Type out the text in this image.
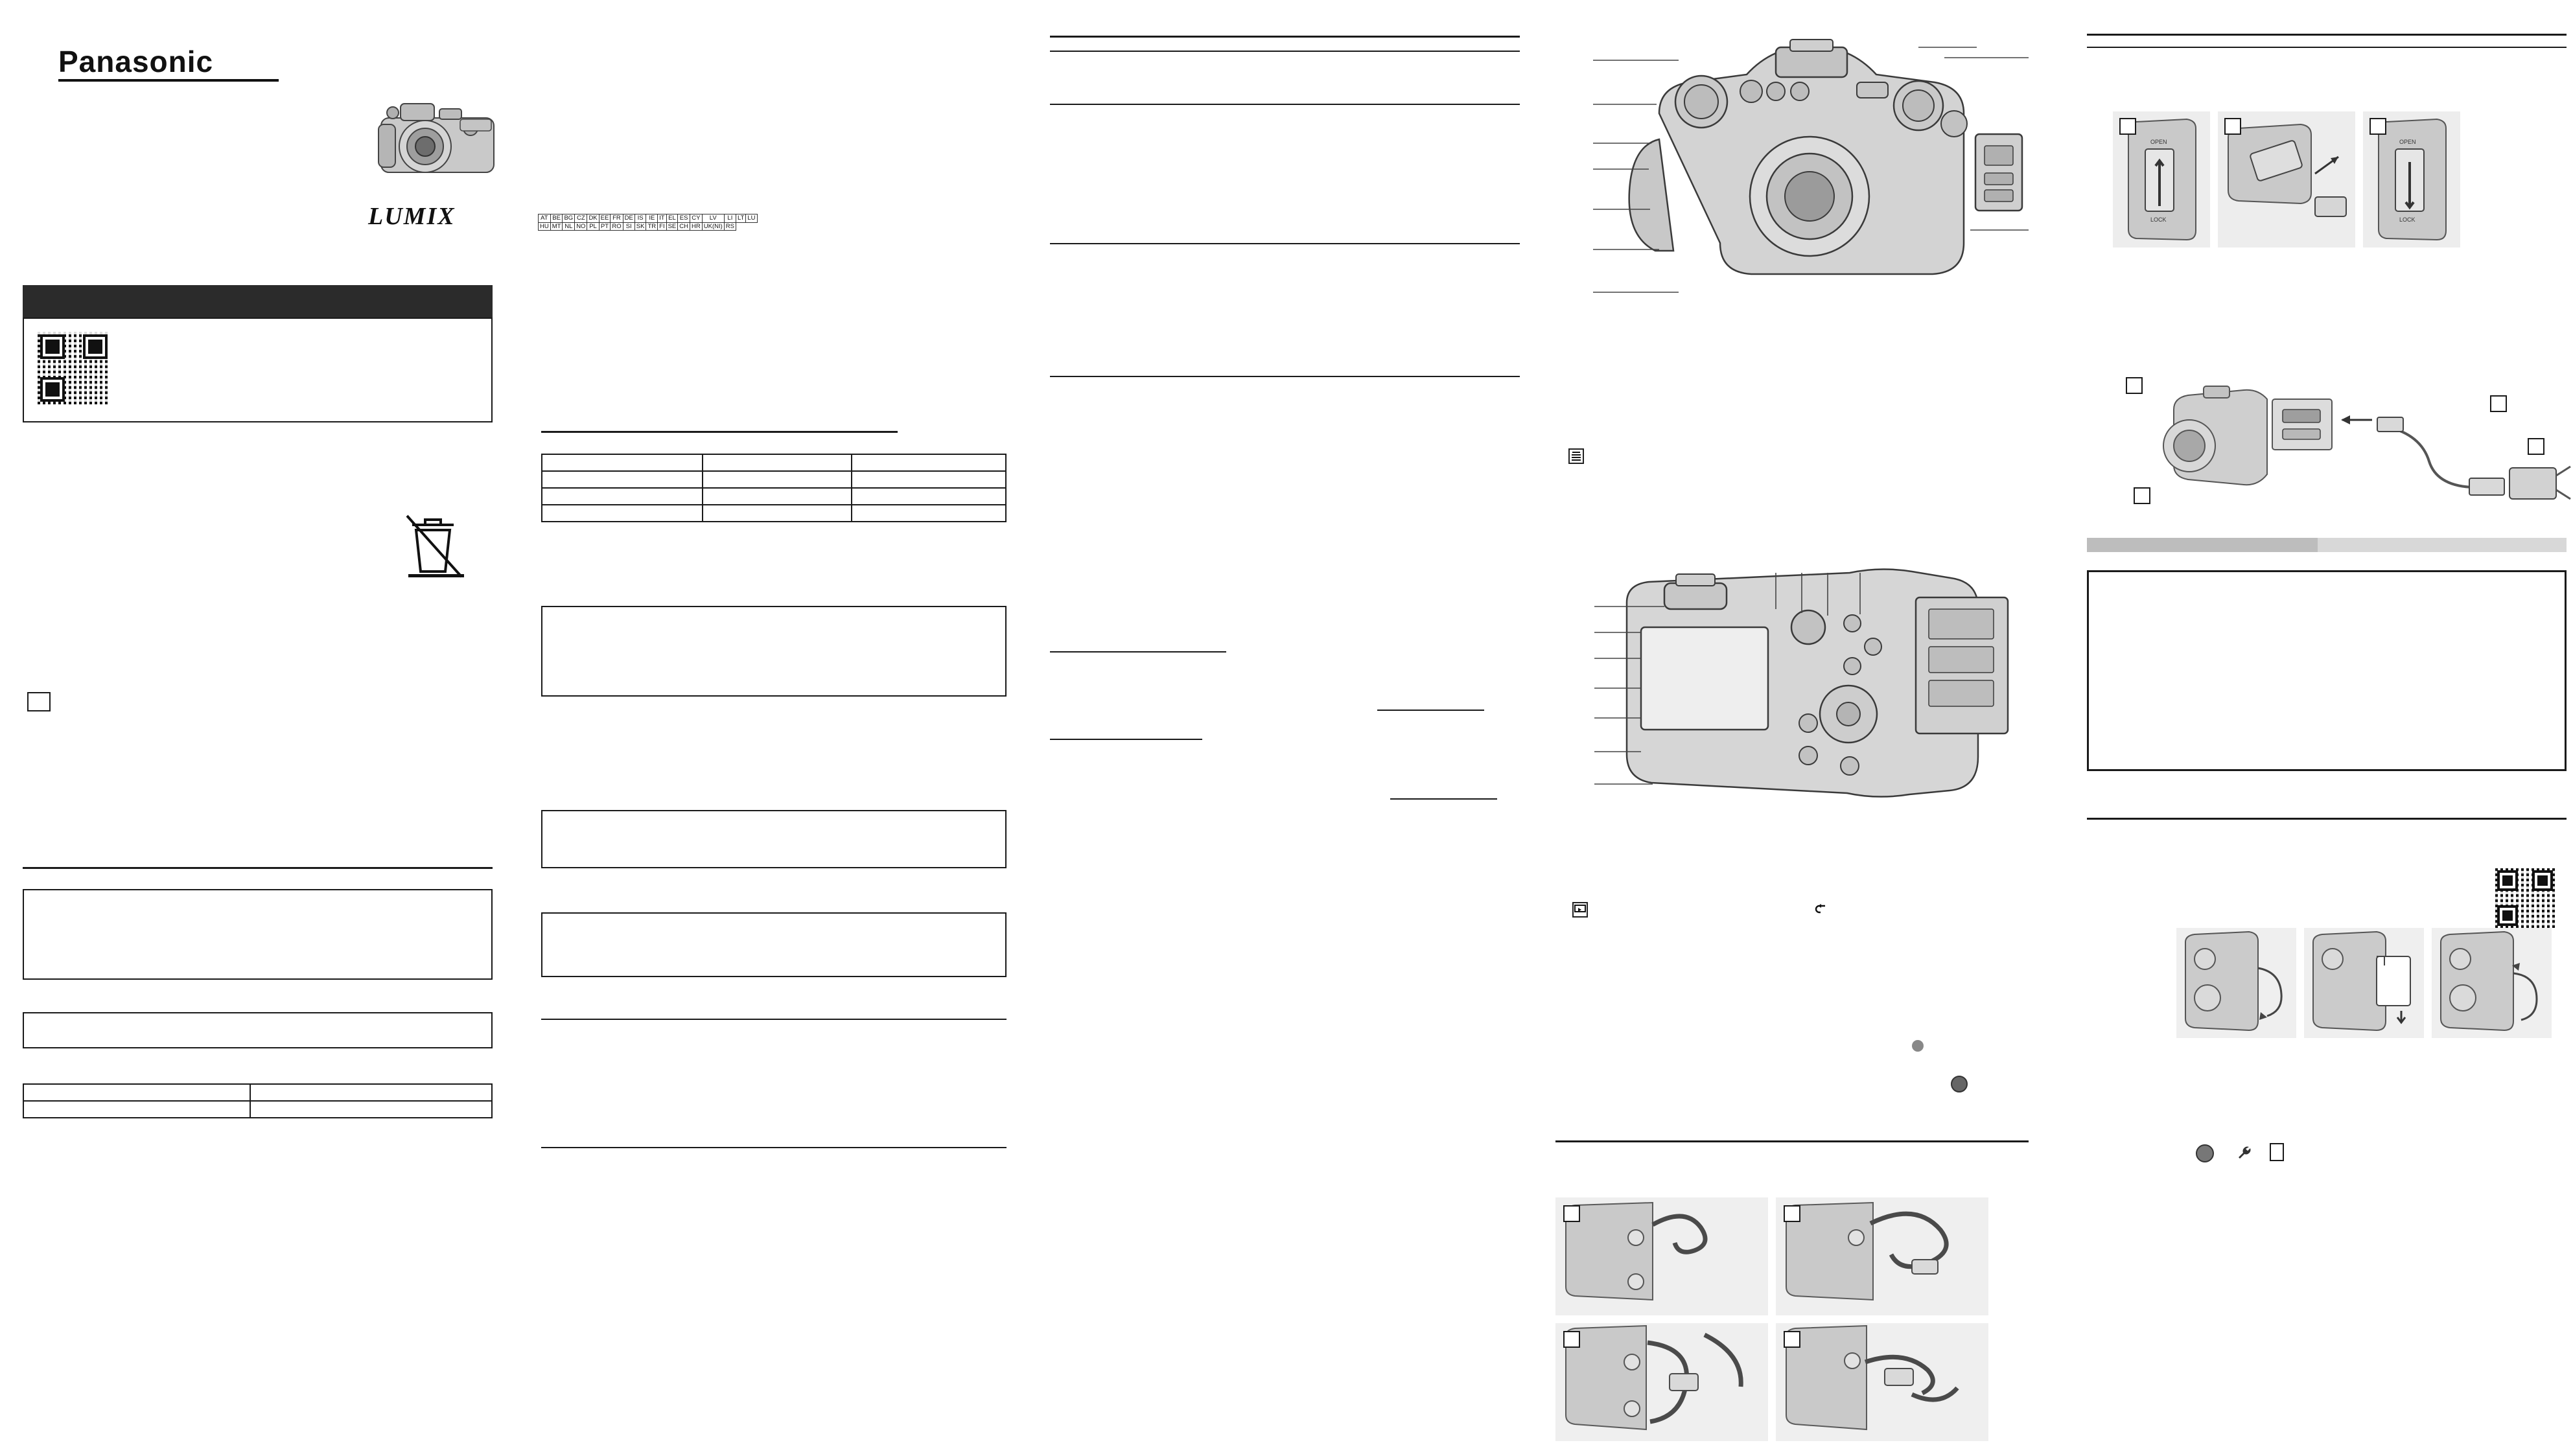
Panasonic
LUMIX

		AT	BE	BG	CZ	DK	EE	FR	DE	IS	IE	IT	EL	ES	CY	LV	LI	LT	LU
HU	MT	NL	NO	PL	PT	RO	SI	SK	TR	FI	SE	CH	HR	UK(NI)	RS		

OPEN
LOCK
OPEN
LOCK
